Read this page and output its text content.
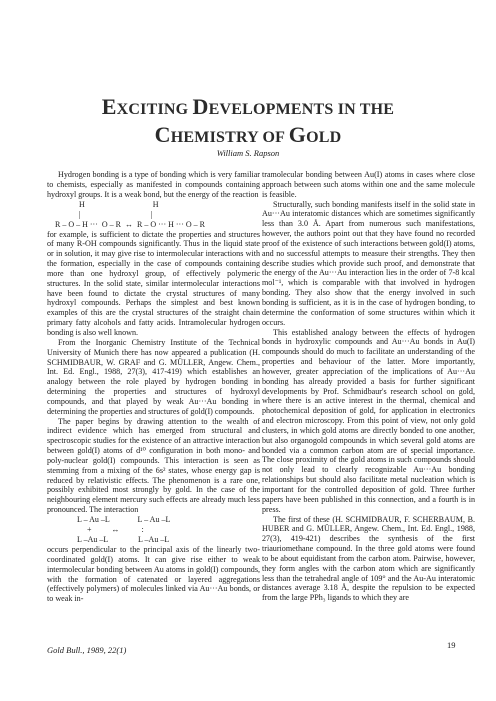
EXCITING DEVELOPMENTS IN THE
CHEMISTRY OF GOLD
William S. Rapson

Hydrogen bonding is a type of bonding which is very familiar to chemists, especially as manifested in compounds containing hydroxyl groups. It is a weak bond, but the energy of the reaction

H                                  H
|                                   |
R – O – H ···  O – R  ↔  R – O ··· H ··· O – R

for example, is sufficient to dictate the properties and structures of many R-OH compounds significantly. Thus in the liquid state or in solution, it may give rise to intermolecular interactions with the formation, especially in the case of compounds containing more than one hydroxyl group, of effectively polymeric structures. In the solid state, similar intermolecular interactions have been found to dictate the crystal structures of many hydroxyl compounds. Perhaps the simplest and best known examples of this are the crystal structures of the straight chain primary fatty alcohols and fatty acids. Intramolecular hydrogen bonding is also well known.

From the Inorganic Chemistry Institute of the Technical University of Munich there has now appeared a publication (H. SCHMIDBAUR, W. GRAF and G. MÜLLER, Angew. Chem., Int. Ed. Engl., 1988, 27(3), 417-419) which establishes an analogy between the role played by hydrogen bonding in determining the properties and structures of hydroxyl compounds, and that played by weak Au···Au bonding in determining the properties and structures of gold(I) compounds.

The paper begins by drawing attention to the wealth of indirect evidence which has emerged from structural and spectroscopic studies for the existence of an attractive interaction between gold(I) atoms of d¹⁰ configuration in both mono- and poly-nuclear gold(I) compounds. This interaction is seen as stemming from a mixing of the 6s² states, whose energy gap is reduced by relativistic effects. The phenomenon is a rare one, possibly exhibited most strongly by gold. In the case of the neighbouring element mercury such effects are already much less pronounced. The interaction

L – Au –L              L – Au –L
+          ↔           :
L –Au –L               L –Au –L

occurs perpendicular to the principal axis of the linearly two-coordinated gold(I) atoms. It can give rise either to weak intermolecular bonding between Au atoms in gold(I) compounds, with the formation of catenated or layered aggregations (effectively polymers) of molecules linked via Au···Au bonds, or to weak in-

tramolecular bonding between Au(I) atoms in cases where close approach between such atoms within one and the same molecule is feasible.

Structurally, such bonding manifests itself in the solid state in Au···Au interatomic distances which are sometimes significantly less than 3.0 Å. Apart from numerous such manifestations, however, the authors point out that they have found no recorded proof of the existence of such interactions between gold(I) atoms, and no successful attempts to measure their strengths. They then describe studies which provide such proof, and demonstrate that the energy of the Au···Au interaction lies in the order of 7-8 kcal mol⁻¹, which is comparable with that involved in hydrogen bonding. They also show that the energy involved in such bonding is sufficient, as it is in the case of hydrogen bonding, to determine the conformation of some structures within which it occurs.

This established analogy between the effects of hydrogen bonds in hydroxylic compounds and Au···Au bonds in Au(I) compounds should do much to facilitate an understanding of the properties and behaviour of the latter. More importantly, however, greater appreciation of the implications of Au···Au bonding has already provided a basis for further significant developments by Prof. Schmidbaur's research school on gold, where there is an active interest in the thermal, chemical and photochemical deposition of gold, for application in electronics and electron microscopy. From this point of view, not only gold clusters, in which gold atoms are directly bonded to one another, but also organogold compounds in which several gold atoms are bonded via a common carbon atom are of special importance. The close proximity of the gold atoms in such compounds should not only lead to clearly recognizable Au···Au bonding relationships but should also facilitate metal nucleation which is important for the controlled deposition of gold. Three further papers have been published in this connection, and a fourth is in press.

The first of these (H. SCHMIDBAUR, F. SCHERBAUM, B. HUBER and G. MÜLLER, Angew. Chem., Int. Ed. Engl., 1988, 27(3), 419-421) describes the synthesis of the first triauriomethane compound. In the three gold atoms were found to be about equidistant from the carbon atom. Pairwise, however, they form angles with the carbon atom which are significantly less than the tetrahedral angle of 109° and the Au-Au interatomic distances average 3.18 Å, despite the repulsion to be expected from the large PPh₃ ligands to which they are

Gold Bull., 1989, 22(1)	19
